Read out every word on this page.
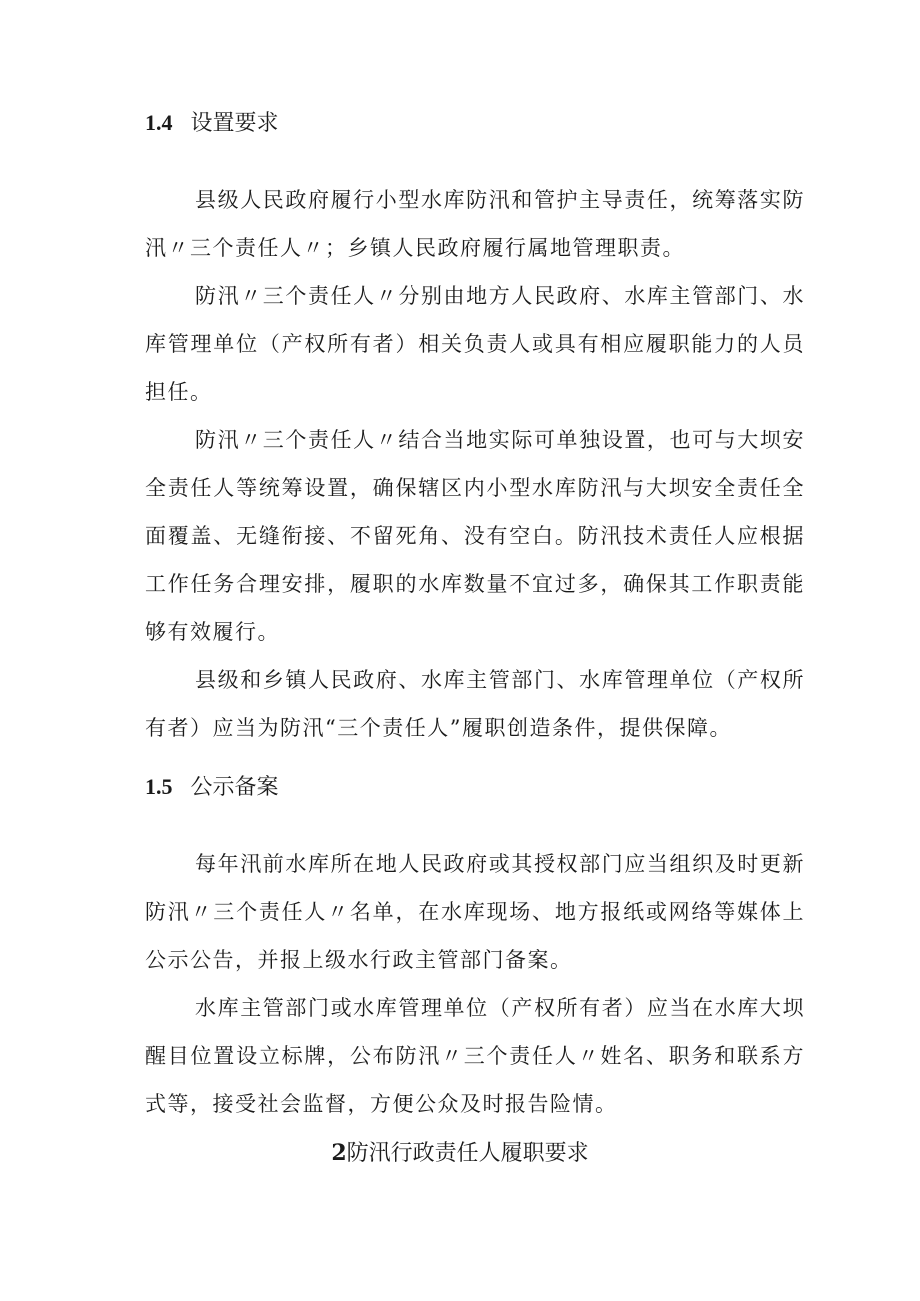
1.4 设置要求

县级人民政府履行小型水库防汛和管护主导责任，统筹落实防汛〃三个责任人〃；乡镇人民政府履行属地管理职责。

防汛〃三个责任人〃分别由地方人民政府、水库主管部门、水库管理单位（产权所有者）相关负责人或具有相应履职能力的人员担任。

防汛〃三个责任人〃结合当地实际可单独设置，也可与大坝安全责任人等统筹设置，确保辖区内小型水库防汛与大坝安全责任全面覆盖、无缝衔接、不留死角、没有空白。防汛技术责任人应根据工作任务合理安排，履职的水库数量不宜过多，确保其工作职责能够有效履行。

县级和乡镇人民政府、水库主管部门、水库管理单位（产权所有者）应当为防汛“三个责任人”履职创造条件，提供保障。

1.5 公示备案

每年汛前水库所在地人民政府或其授权部门应当组织及时更新防汛〃三个责任人〃名单，在水库现场、地方报纸或网络等媒体上公示公告，并报上级水行政主管部门备案。

水库主管部门或水库管理单位（产权所有者）应当在水库大坝醒目位置设立标牌，公布防汛〃三个责任人〃姓名、职务和联系方式等，接受社会监督，方便公众及时报告险情。

2防汛行政责任人履职要求
